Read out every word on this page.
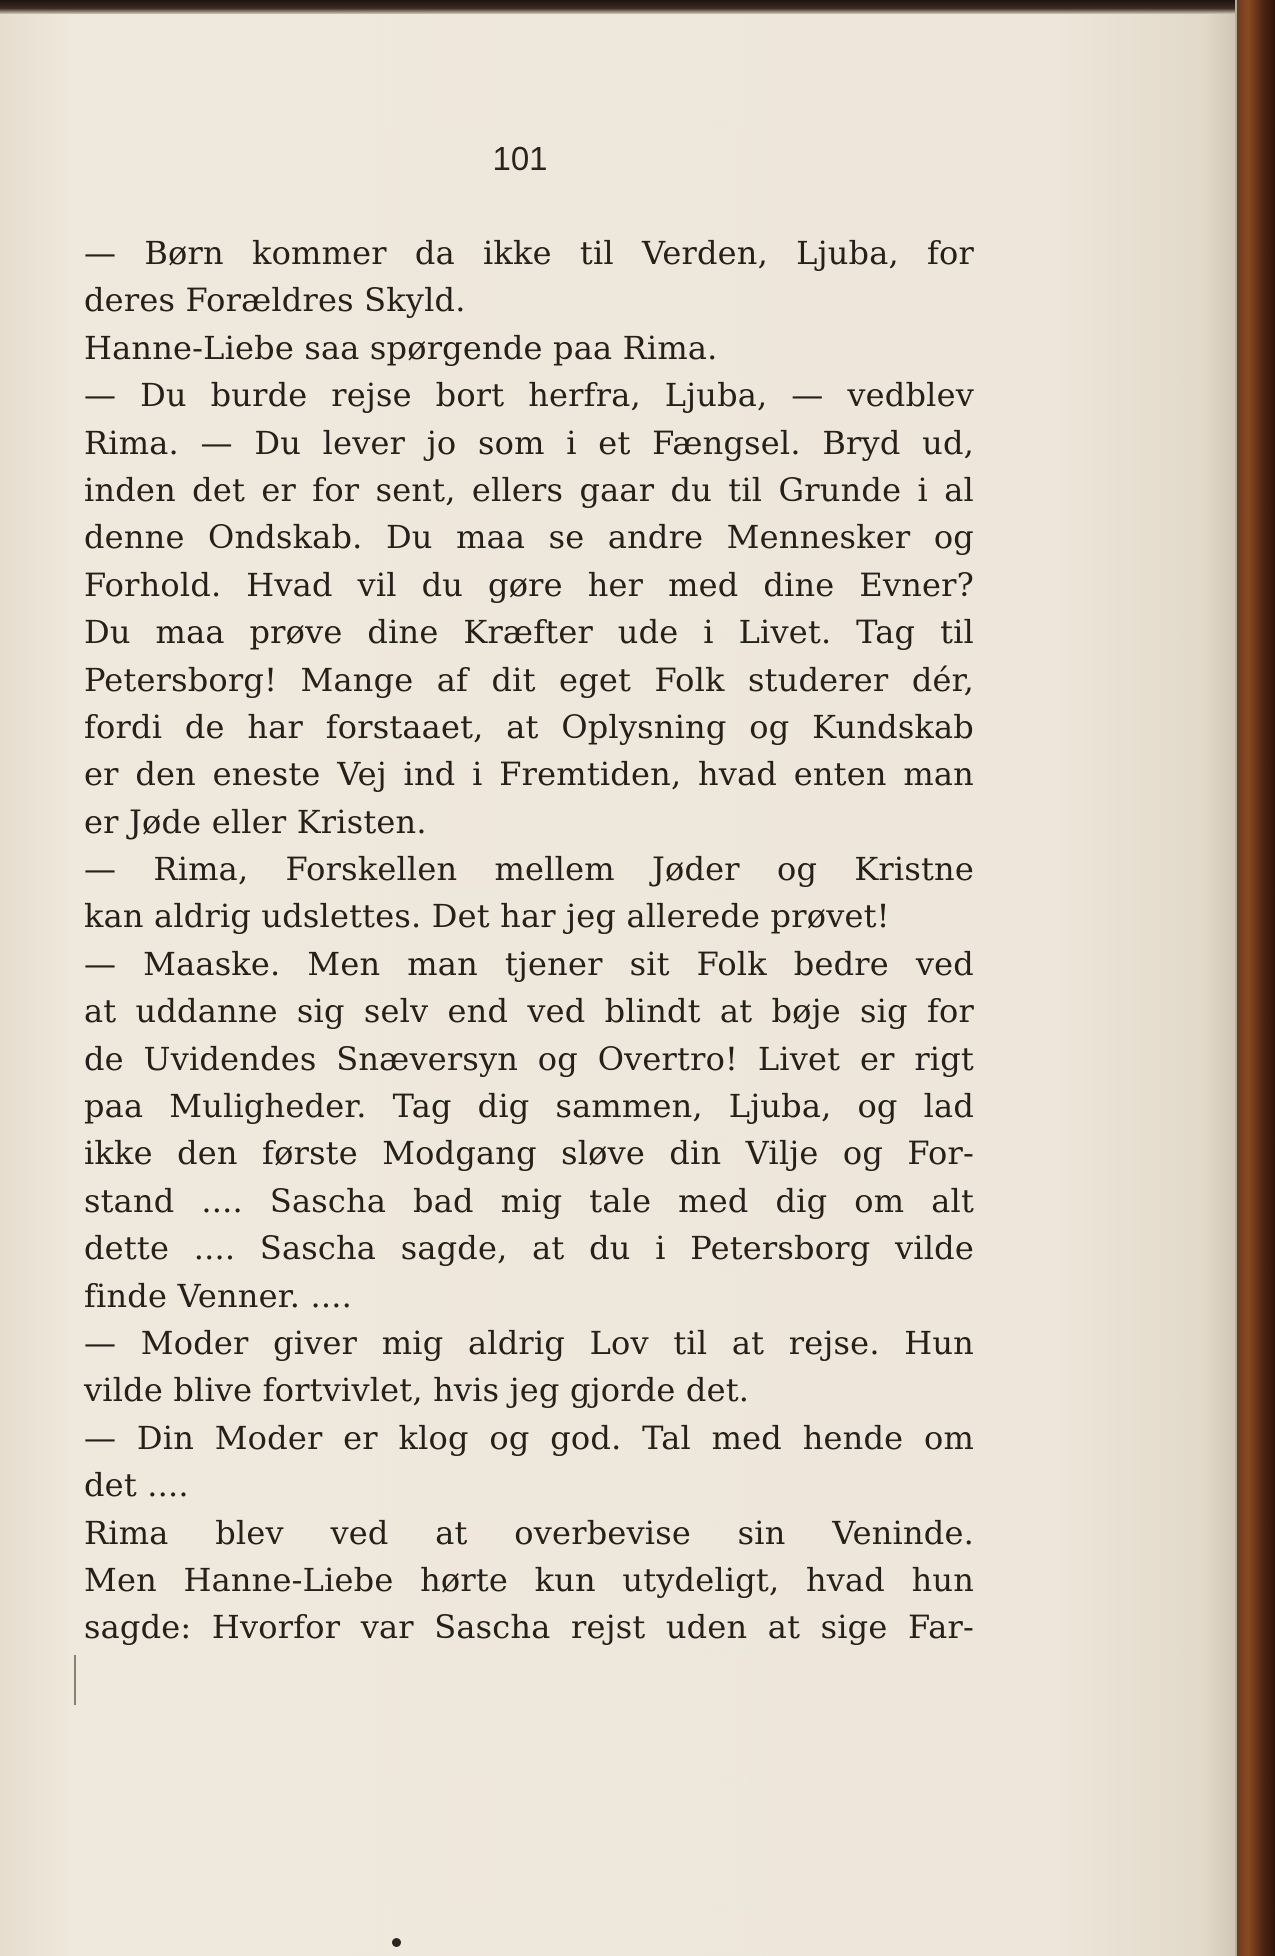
101
— Børn kommer da ikke til Verden, Ljuba, for
deres Forældres Skyld.
Hanne-Liebe saa spørgende paa Rima.
— Du burde rejse bort herfra, Ljuba, — vedblev
Rima. — Du lever jo som i et Fængsel. Bryd ud,
inden det er for sent, ellers gaar du til Grunde i al
denne Ondskab. Du maa se andre Mennesker og
Forhold. Hvad vil du gøre her med dine Evner?
Du maa prøve dine Kræfter ude i Livet. Tag til
Petersborg! Mange af dit eget Folk studerer dér,
fordi de har forstaaet, at Oplysning og Kundskab
er den eneste Vej ind i Fremtiden, hvad enten man
er Jøde eller Kristen.
— Rima, Forskellen mellem Jøder og Kristne
kan aldrig udslettes. Det har jeg allerede prøvet!
— Maaske. Men man tjener sit Folk bedre ved
at uddanne sig selv end ved blindt at bøje sig for
de Uvidendes Snæversyn og Overtro! Livet er rigt
paa Muligheder. Tag dig sammen, Ljuba, og lad
ikke den første Modgang sløve din Vilje og For-
stand .... Sascha bad mig tale med dig om alt
dette .... Sascha sagde, at du i Petersborg vilde
finde Venner. ....
— Moder giver mig aldrig Lov til at rejse. Hun
vilde blive fortvivlet, hvis jeg gjorde det.
— Din Moder er klog og god. Tal med hende om
det ....
Rima blev ved at overbevise sin Veninde.
Men Hanne-Liebe hørte kun utydeligt, hvad hun
sagde: Hvorfor var Sascha rejst uden at sige Far-
